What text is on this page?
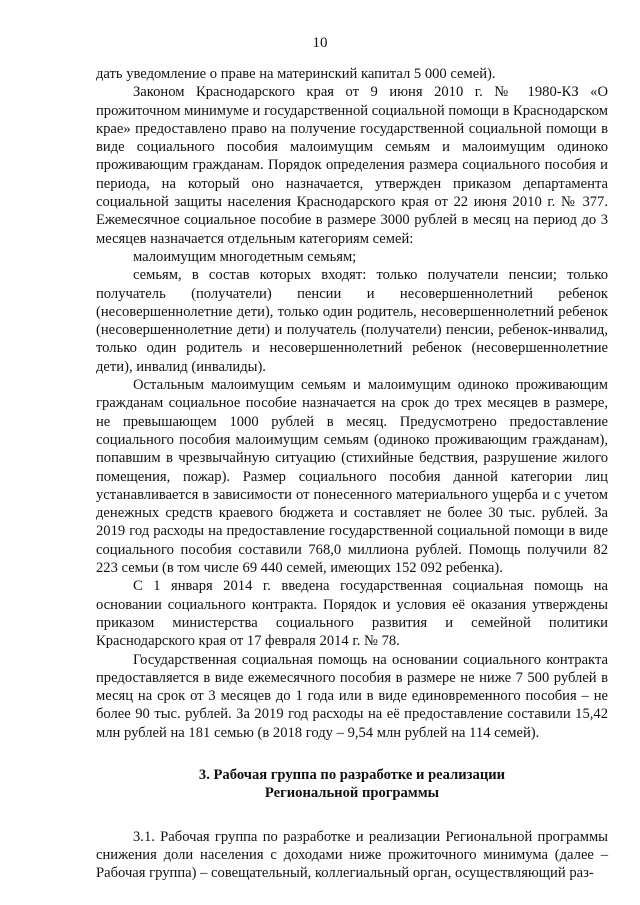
10

дать уведомление о праве на материнский капитал 5 000 семей).

Законом Краснодарского края от 9 июня 2010 г. № 1980-КЗ «О прожиточном минимуме и государственной социальной помощи в Краснодарском крае» предоставлено право на получение государственной социальной помощи в виде социального пособия малоимущим семьям и малоимущим одиноко проживающим гражданам. Порядок определения размера социального пособия и периода, на который оно назначается, утвержден приказом департамента социальной защиты населения Краснодарского края от 22 июня 2010 г. № 377. Ежемесячное социальное пособие в размере 3000 рублей в месяц на период до 3 месяцев назначается отдельным категориям семей:

малоимущим многодетным семьям;

семьям, в состав которых входят: только получатели пенсии; только получатель (получатели) пенсии и несовершеннолетний ребенок (несовершеннолетние дети), только один родитель, несовершеннолетний ребенок (несовершеннолетние дети) и получатель (получатели) пенсии, ребенок-инвалид, только один родитель и несовершеннолетний ребенок (несовершеннолетние дети), инвалид (инвалиды).

Остальным малоимущим семьям и малоимущим одиноко проживающим гражданам социальное пособие назначается на срок до трех месяцев в размере, не превышающем 1000 рублей в месяц. Предусмотрено предоставление социального пособия малоимущим семьям (одиноко проживающим гражданам), попавшим в чрезвычайную ситуацию (стихийные бедствия, разрушение жилого помещения, пожар). Размер социального пособия данной категории лиц устанавливается в зависимости от понесенного материального ущерба и с учетом денежных средств краевого бюджета и составляет не более 30 тыс. рублей. За 2019 год расходы на предоставление государственной социальной помощи в виде социального пособия составили 768,0 миллиона рублей. Помощь получили 82 223 семьи (в том числе 69 440 семей, имеющих 152 092 ребенка).

С 1 января 2014 г. введена государственная социальная помощь на основании социального контракта. Порядок и условия её оказания утверждены приказом министерства социального развития и семейной политики Краснодарского края от 17 февраля 2014 г. № 78.

Государственная социальная помощь на основании социального контракта предоставляется в виде ежемесячного пособия в размере не ниже 7 500 рублей в месяц на срок от 3 месяцев до 1 года или в виде единовременного пособия – не более 90 тыс. рублей. За 2019 год расходы на её предоставление составили 15,42 млн рублей на 181 семью (в 2018 году – 9,54 млн рублей на 114 семей).

3. Рабочая группа по разработке и реализации
Региональной программы

3.1. Рабочая группа по разработке и реализации Региональной программы снижения доли населения с доходами ниже прожиточного минимума (далее – Рабочая группа) – совещательный, коллегиальный орган, осуществляющий раз-
